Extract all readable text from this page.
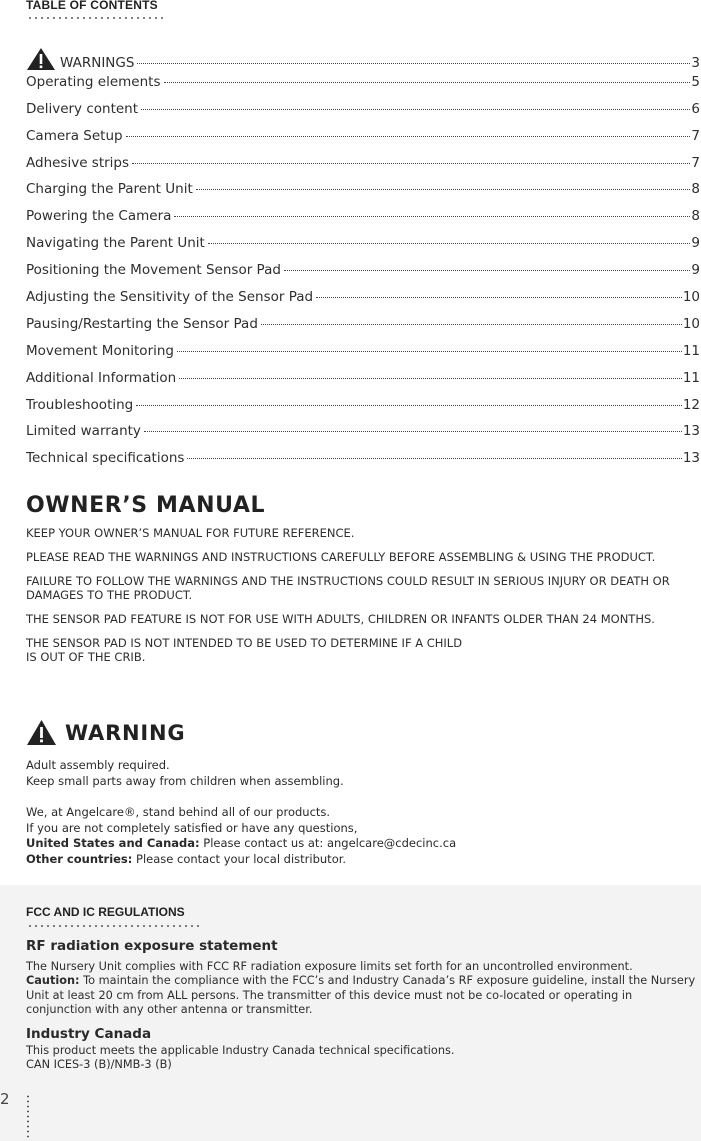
TABLE OF CONTENTS
WARNINGS	3
Operating elements	5
Delivery content	6
Camera Setup	7
Adhesive strips	7
Charging the Parent Unit	8
Powering the Camera	8
Navigating the Parent Unit	9
Positioning the Movement Sensor Pad	9
Adjusting the Sensitivity of the Sensor Pad	10
Pausing/Restarting the Sensor Pad	10
Movement Monitoring	11
Additional Information	11
Troubleshooting	12
Limited warranty	13
Technical specifications	13
OWNER’S MANUAL

KEEP YOUR OWNER’S MANUAL FOR FUTURE REFERENCE.

PLEASE READ THE WARNINGS AND INSTRUCTIONS CAREFULLY BEFORE ASSEMBLING & USING THE PRODUCT.

FAILURE TO FOLLOW THE WARNINGS AND THE INSTRUCTIONS COULD RESULT IN SERIOUS INJURY OR DEATH OR DAMAGES TO THE PRODUCT.

THE SENSOR PAD FEATURE IS NOT FOR USE WITH ADULTS, CHILDREN OR INFANTS OLDER THAN 24 MONTHS.

THE SENSOR PAD IS NOT INTENDED TO BE USED TO DETERMINE IF A CHILD IS OUT OF THE CRIB.

WARNING
Adult assembly required.
Keep small parts away from children when assembling.
We, at Angelcare®, stand behind all of our products.
If you are not completely satisfied or have any questions,
United States and Canada: Please contact us at: angelcare@cdecinc.ca
Other countries: Please contact your local distributor.
FCC AND IC REGULATIONS
RF radiation exposure statement
The Nursery Unit complies with FCC RF radiation exposure limits set forth for an uncontrolled environment.
Caution: To maintain the compliance with the FCC’s and Industry Canada’s RF exposure guideline, install the Nursery Unit at least 20 cm from ALL persons. The transmitter of this device must not be co-located or operating in conjunction with any other antenna or transmitter.
Industry Canada
This product meets the applicable Industry Canada technical specifications.
CAN ICES-3 (B)/NMB-3 (B)
2
